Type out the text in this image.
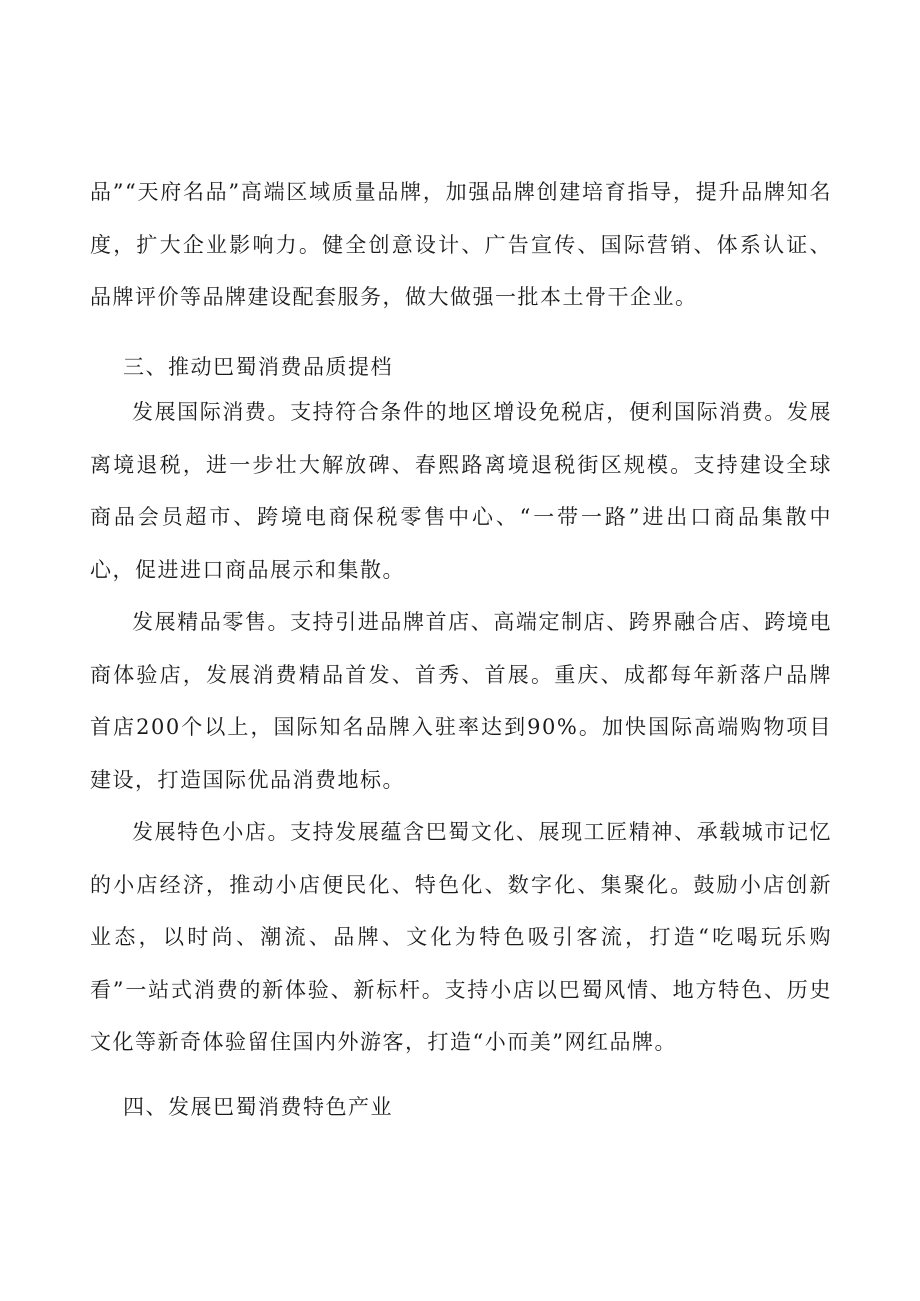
品”“天府名品”高端区域质量品牌，加强品牌创建培育指导，提升品牌知名度，扩大企业影响力。健全创意设计、广告宣传、国际营销、体系认证、品牌评价等品牌建设配套服务，做大做强一批本土骨干企业。

三、推动巴蜀消费品质提档

发展国际消费。支持符合条件的地区增设免税店，便利国际消费。发展离境退税，进一步壮大解放碑、春熙路离境退税街区规模。支持建设全球商品会员超市、跨境电商保税零售中心、“一带一路”进出口商品集散中心，促进进口商品展示和集散。

发展精品零售。支持引进品牌首店、高端定制店、跨界融合店、跨境电商体验店，发展消费精品首发、首秀、首展。重庆、成都每年新落户品牌首店200个以上，国际知名品牌入驻率达到90%。加快国际高端购物项目建设，打造国际优品消费地标。

发展特色小店。支持发展蕴含巴蜀文化、展现工匠精神、承载城市记忆的小店经济，推动小店便民化、特色化、数字化、集聚化。鼓励小店创新业态，以时尚、潮流、品牌、文化为特色吸引客流，打造“吃喝玩乐购看”一站式消费的新体验、新标杆。支持小店以巴蜀风情、地方特色、历史文化等新奇体验留住国内外游客，打造“小而美”网红品牌。

四、发展巴蜀消费特色产业
